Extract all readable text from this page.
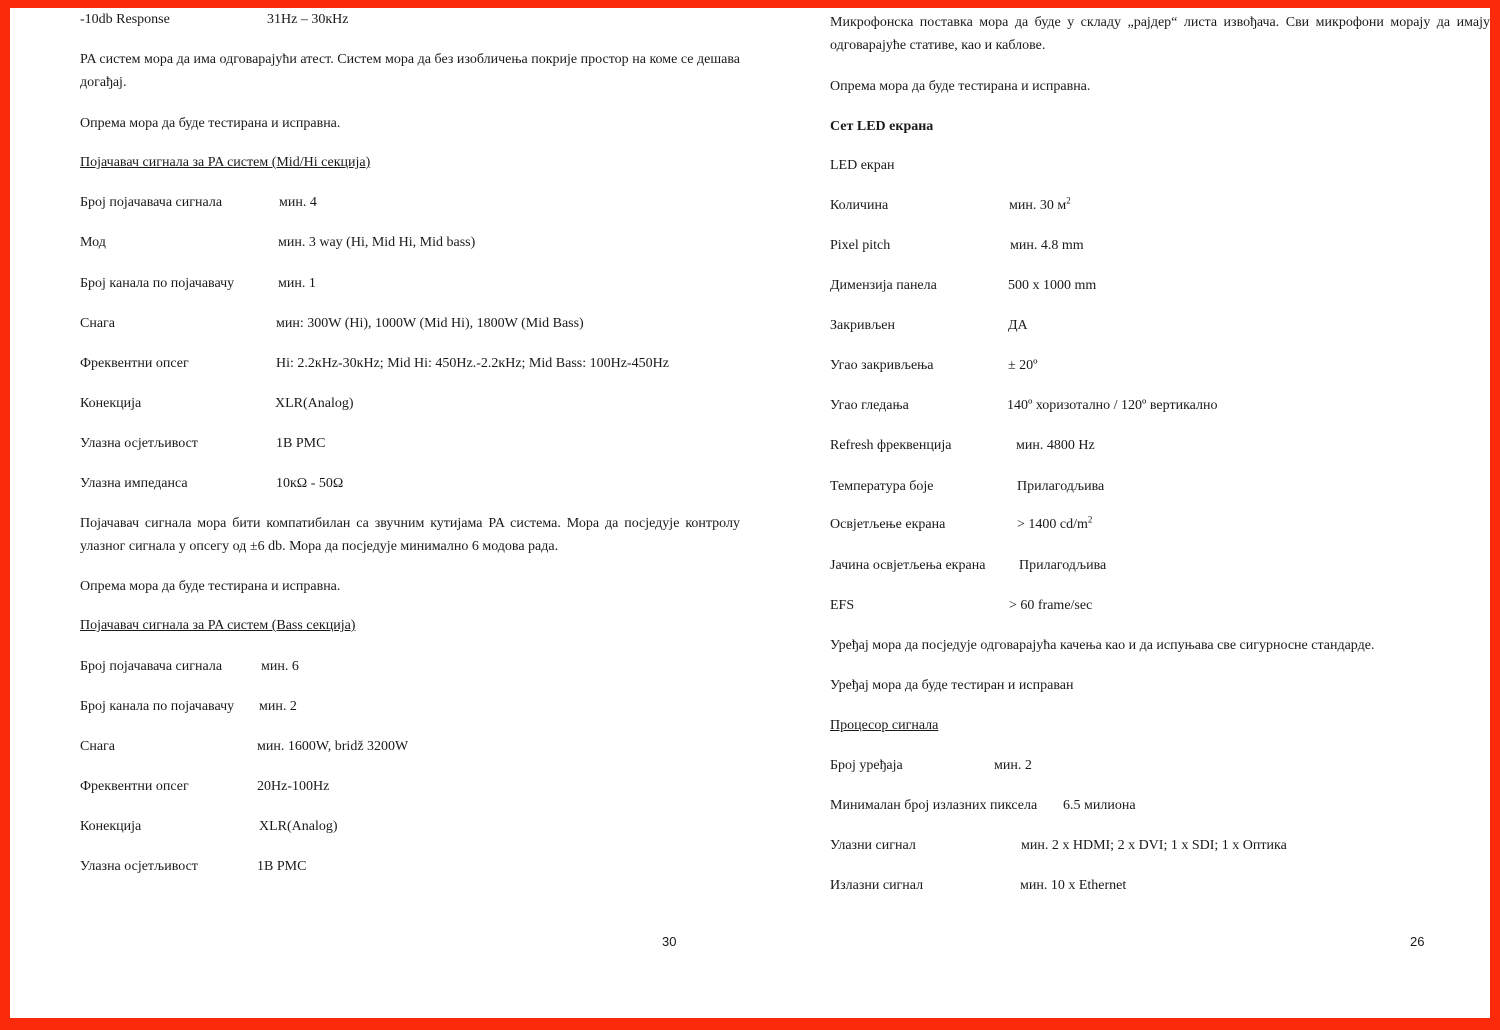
-10db Response	31Hz – 30кHz

PA систем мора да има одговарајући атест. Систем мора да без изобличења покрије простор на коме се дешава догађај.

Опрема мора да буде тестирана и исправна.

Појачавач сигнала за PA систем (Mid/Hi секција)

Број појачавача сигнала	мин. 4

Мод	мин. 3 way (Hi, Mid Hi, Mid bass)

Број канала по појачавачу	мин. 1

Снага	мин: 300W (Hi), 1000W (Mid Hi), 1800W (Mid Bass)

Фреквентни опсег	Hi: 2.2кHz-30кHz; Mid Hi: 450Hz.-2.2кHz; Mid Bass: 100Hz-450Hz

Конекција	XLR(Analog)

Улазна осјетљивост	1В РМС

Улазна импеданса	10кΩ - 50Ω

Појачавач сигнала мора бити компатибилан са звучним кутијама PA система. Мора да посједује контролу улазног сигнала у опсегу од ±6 db. Мора да посједује минимално 6 модова рада.

Опрема мора да буде тестирана и исправна.

Појачавач сигнала за PA систем (Bass секција)

Број појачавача сигнала	мин. 6

Број канала по појачавачу мин. 2

Снага	мин. 1600W, bridž 3200W

Фреквентни опсег	20Hz-100Hz

Конекција	XLR(Analog)

Улазна осјетљивост	1В РМС

30

Микрофонска поставка мора да буде у складу „рајдер“ листа извођача. Сви микрофони морају да имају одговарајуће стативе, као и каблове.

Опрема мора да буде тестирана и исправна.

Сет LED екрана

LED екран

Количина	мин. 30 $м^2$

Pixel pitch	мин. 4.8 mm

Димензија панела	500 x 1000 mm

Закривљен	ДА

Угао закривљења	± 20º

Угао гледања	140º хоризотално / 120º вертикално

Refresh фреквенција	мин. 4800 Hz

Температура боје	Прилагодљива

Освјетљење екрана	> 1400 $cd/m^2$

Јачина освјетљења екрана Прилагодљива

EFS	> 60 frame/sec

Уређај мора да посједује одговарајућа качења као и да испуњава све сигурносне стандарде.

Уређај мора да буде тестиран и исправан

Процесор сигнала

Број уређаја	мин. 2

Минималан број излазних пиксела 6.5 милиона

Улазни сигнал	мин. 2 x HDMI; 2 x DVI; 1 x SDI; 1 x Оптика

Излазни сигнал	мин. 10 x Ethernet

26
